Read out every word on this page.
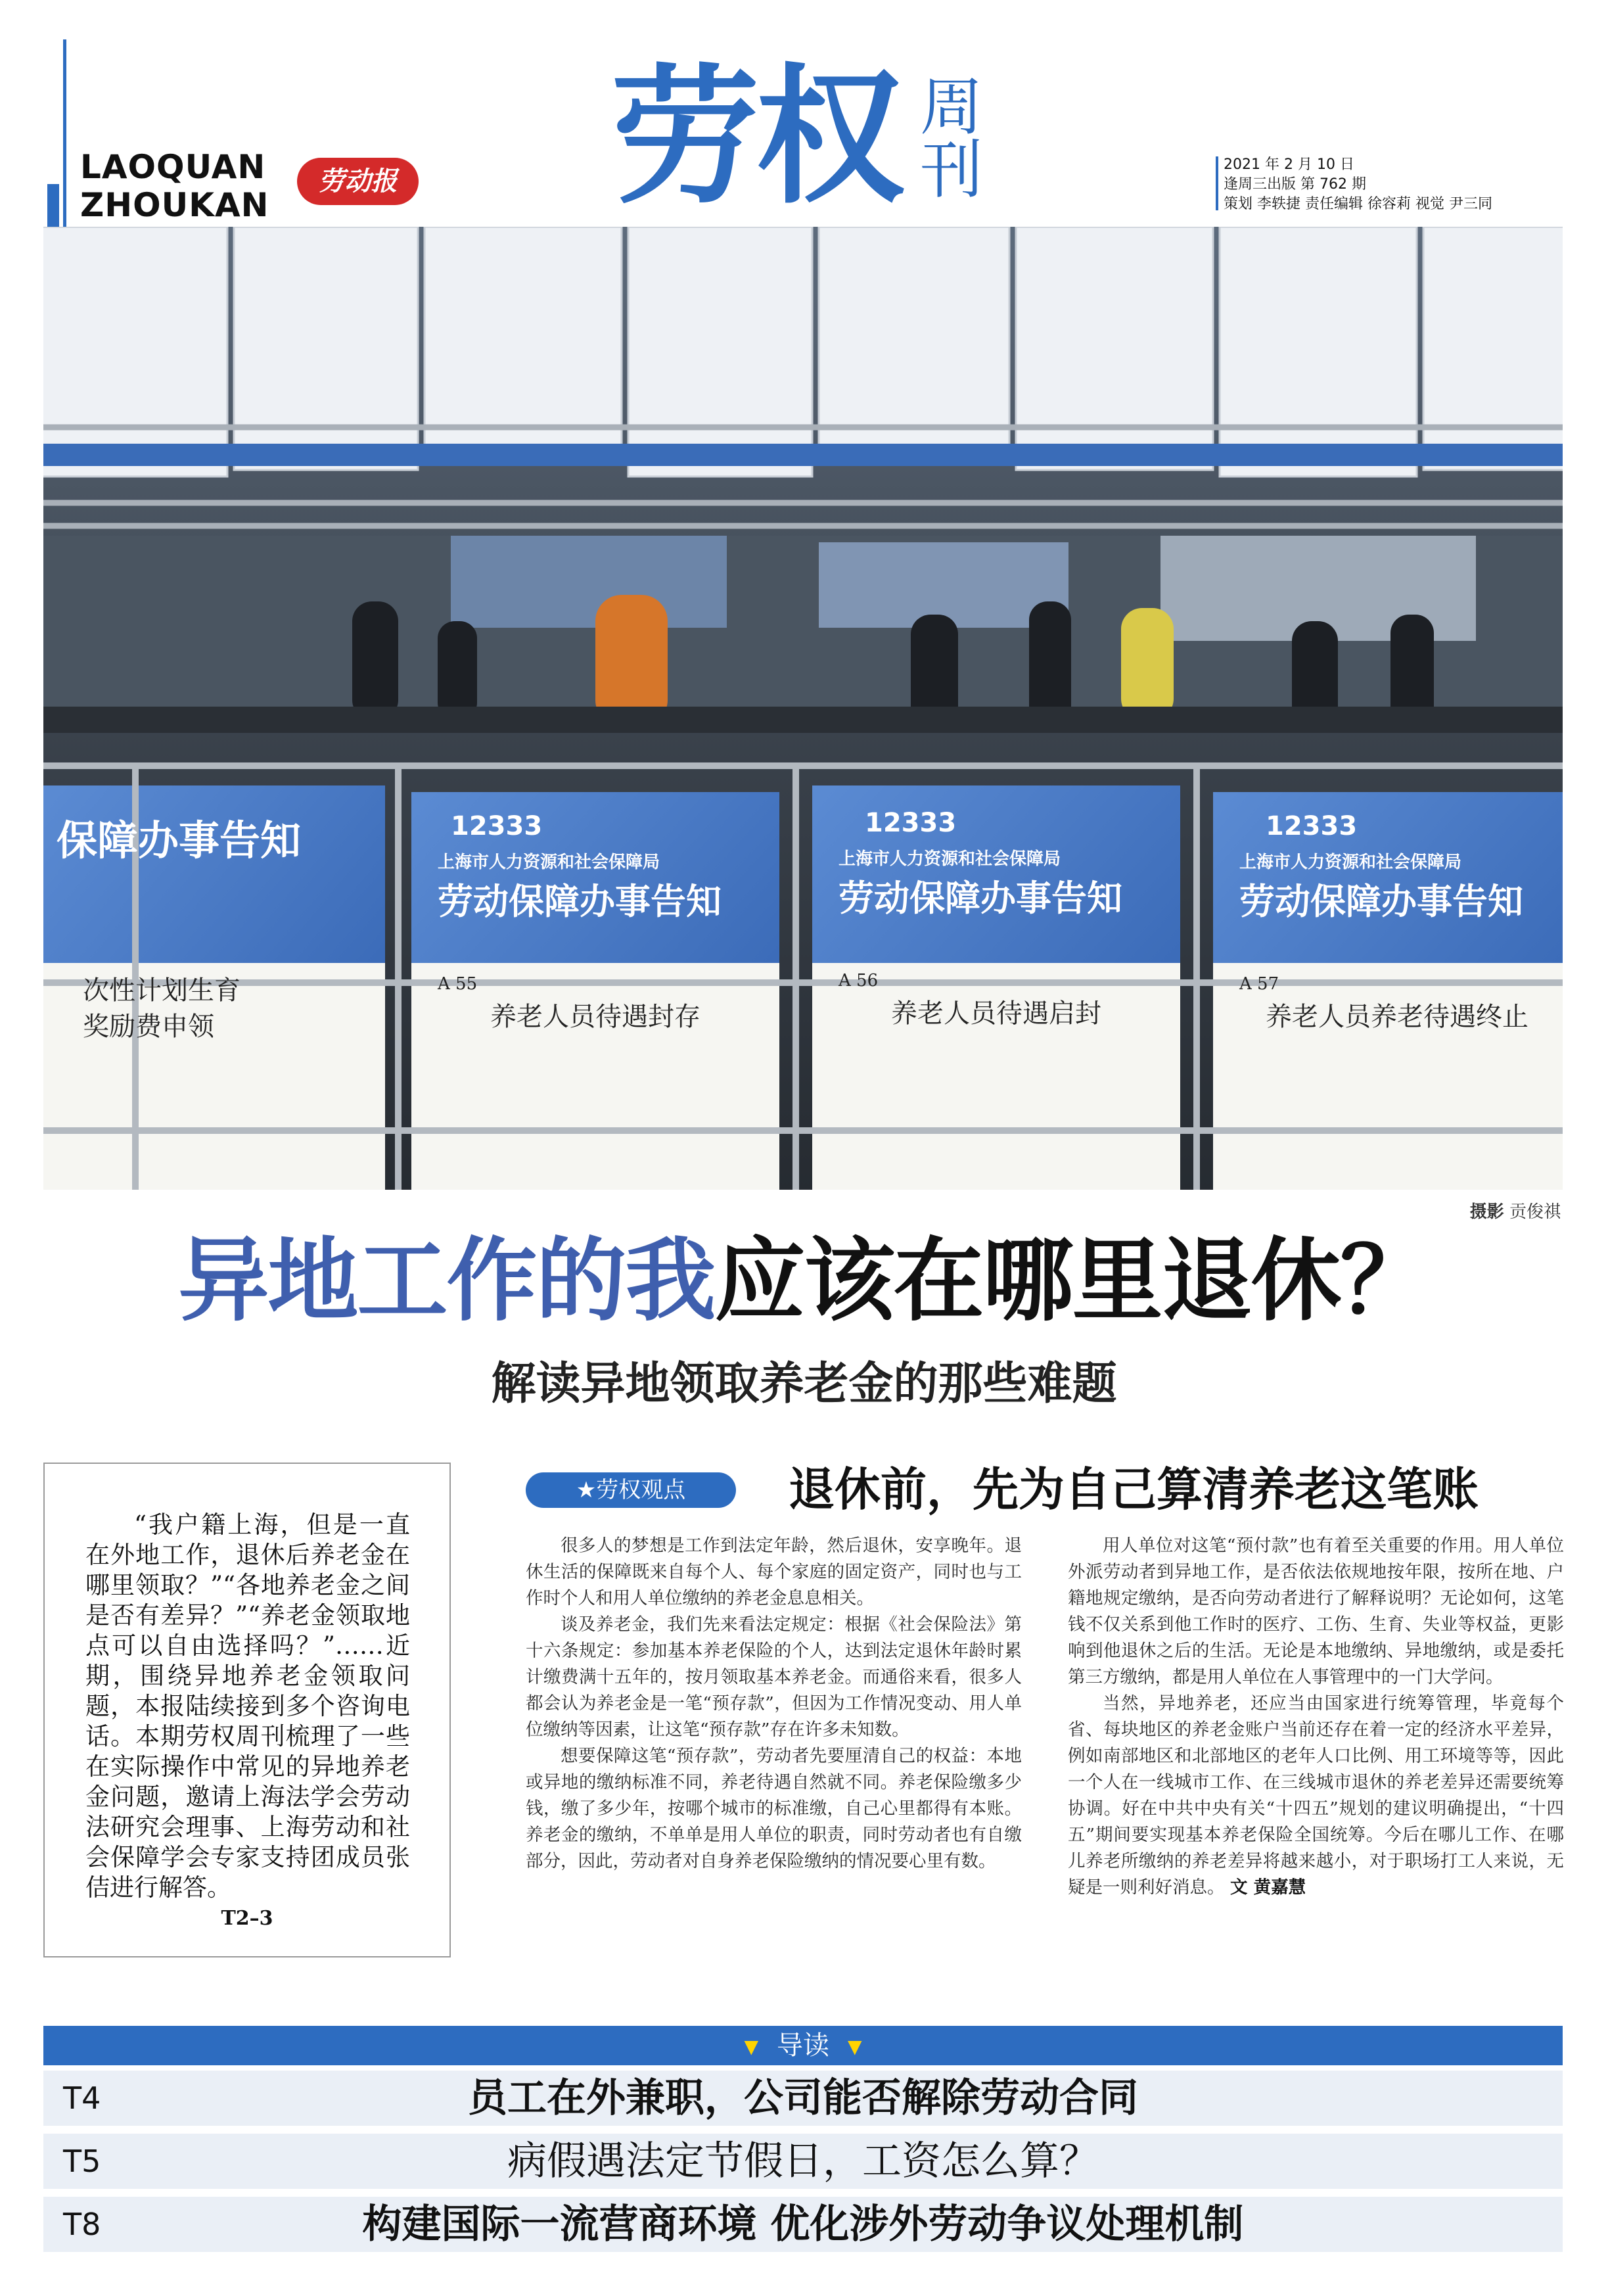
LAOQUAN
ZHOUKAN
劳动报 劳权 周刊	2021 年 2 月 10 日
逢周三出版 第 762 期
策划 李轶捷 责任编辑 徐容莉 视觉 尹三同
保障办事告知	12333
上海市人力资源和社会保障局
劳动保障办事告知
12333
上海市人力资源和社会保障局
劳动保障办事告知
12333
上海市人力资源和社会保障局
劳动保障办事告知
次性计划生育
奖励费申领
A 55
养老人员待遇封存
A 56
养老人员待遇启封
A 57
养老人员养老待遇终止
摄影 贡俊祺
异地工作的我应该在哪里退休？
解读异地领取养老金的那些难题

“我户籍上海，但是一直在外地工作，退休后养老金在哪里领取？”“各地养老金之间是否有差异？”“养老金领取地点可以自由选择吗？”……近期，围绕异地养老金领取问题，本报陆续接到多个咨询电话。本期劳权周刊梳理了一些在实际操作中常见的异地养老金问题，邀请上海法学会劳动法研究会理事、上海劳动和社会保障学会专家支持团成员张佶进行解答。

T2–3
★劳权观点	退休前，先为自己算清养老这笔账

很多人的梦想是工作到法定年龄，然后退休，安享晚年。退休生活的保障既来自每个人、每个家庭的固定资产，同时也与工作时个人和用人单位缴纳的养老金息息相关。

谈及养老金，我们先来看法定规定：根据《社会保险法》第十六条规定：参加基本养老保险的个人，达到法定退休年龄时累计缴费满十五年的，按月领取基本养老金。而通俗来看，很多人都会认为养老金是一笔“预存款”，但因为工作情况变动、用人单位缴纳等因素，让这笔“预存款”存在许多未知数。

想要保障这笔“预存款”，劳动者先要厘清自己的权益：本地或异地的缴纳标准不同，养老待遇自然就不同。养老保险缴多少钱，缴了多少年，按哪个城市的标准缴，自己心里都得有本账。养老金的缴纳，不单单是用人单位的职责，同时劳动者也有自缴部分，因此，劳动者对自身养老保险缴纳的情况要心里有数。

用人单位对这笔“预付款”也有着至关重要的作用。用人单位外派劳动者到异地工作，是否依法依规地按年限，按所在地、户籍地规定缴纳，是否向劳动者进行了解释说明？无论如何，这笔钱不仅关系到他工作时的医疗、工伤、生育、失业等权益，更影响到他退休之后的生活。无论是本地缴纳、异地缴纳，或是委托第三方缴纳，都是用人单位在人事管理中的一门大学问。

当然，异地养老，还应当由国家进行统筹管理，毕竟每个省、每块地区的养老金账户当前还存在着一定的经济水平差异，例如南部地区和北部地区的老年人口比例、用工环境等等，因此一个人在一线城市工作、在三线城市退休的养老差异还需要统筹协调。好在中共中央有关“十四五”规划的建议明确提出，“十四五”期间要实现基本养老保险全国统筹。今后在哪儿工作、在哪儿养老所缴纳的养老差异将越来越小，对于职场打工人来说，无疑是一则利好消息。 文 黄嘉慧

▼ 导读 ▼
T4	员工在外兼职，公司能否解除劳动合同
T5	病假遇法定节假日，工资怎么算？
T8	构建国际一流营商环境 优化涉外劳动争议处理机制
